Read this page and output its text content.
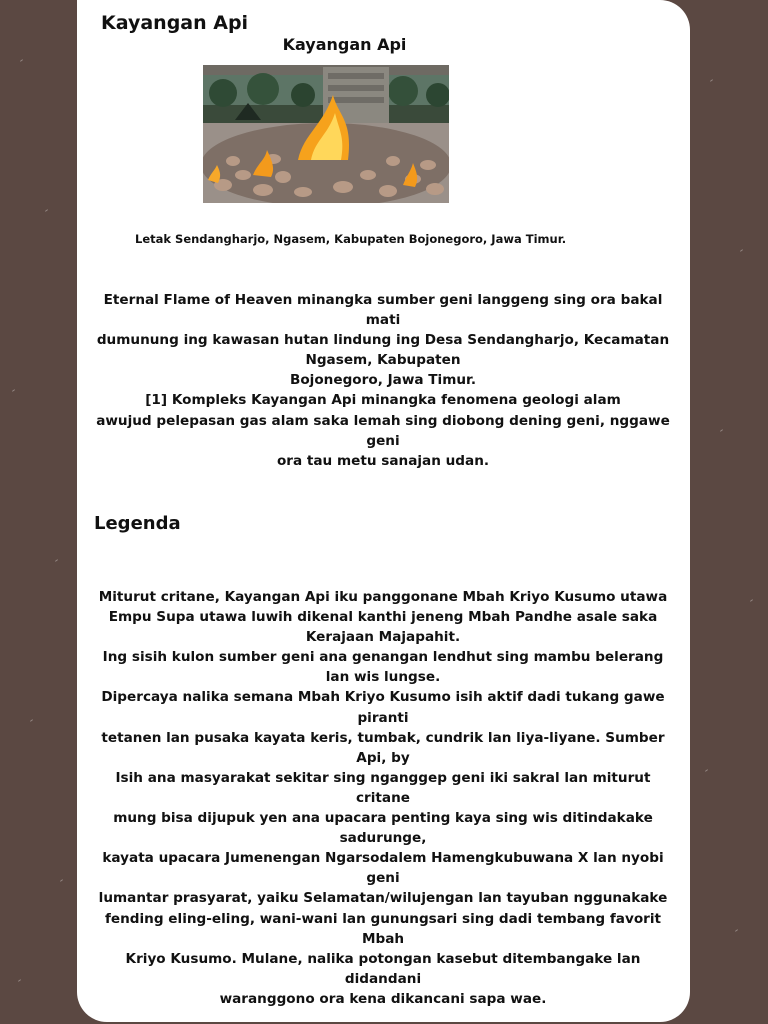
Kayangan Api
Kayangan Api
Letak Sendangharjo, Ngasem, Kabupaten Bojonegoro, Jawa Timur.
Eternal Flame of Heaven minangka sumber geni langgeng sing ora bakal mati
dumunung ing kawasan hutan lindung ing Desa Sendangharjo, Kecamatan Ngasem, Kabupaten
Bojonegoro, Jawa Timur.
[1] Kompleks Kayangan Api minangka fenomena geologi alam
awujud pelepasan gas alam saka lemah sing diobong dening geni, nggawe geni
ora tau metu sanajan udan.
Legenda
Miturut critane, Kayangan Api iku panggonane Mbah Kriyo Kusumo utawa
Empu Supa utawa luwih dikenal kanthi jeneng Mbah Pandhe asale saka Kerajaan Majapahit.
Ing sisih kulon sumber geni ana genangan lendhut sing mambu belerang lan wis lungse.
Dipercaya nalika semana Mbah Kriyo Kusumo isih aktif dadi tukang gawe piranti
tetanen lan pusaka kayata keris, tumbak, cundrik lan liya-liyane. Sumber Api, by
Isih ana masyarakat sekitar sing nganggep geni iki sakral lan miturut critane
mung bisa dijupuk yen ana upacara penting kaya sing wis ditindakake sadurunge,
kayata upacara Jumenengan Ngarsodalem Hamengkubuwana X lan nyobi geni
lumantar prasyarat, yaiku Selamatan/wilujengan lan tayuban nggunakake
fending eling-eling, wani-wani lan gunungsari sing dadi tembang favorit Mbah
Kriyo Kusumo. Mulane, nalika potongan kasebut ditembangake lan didandani
waranggono ora kena dikancani sapa wae.
